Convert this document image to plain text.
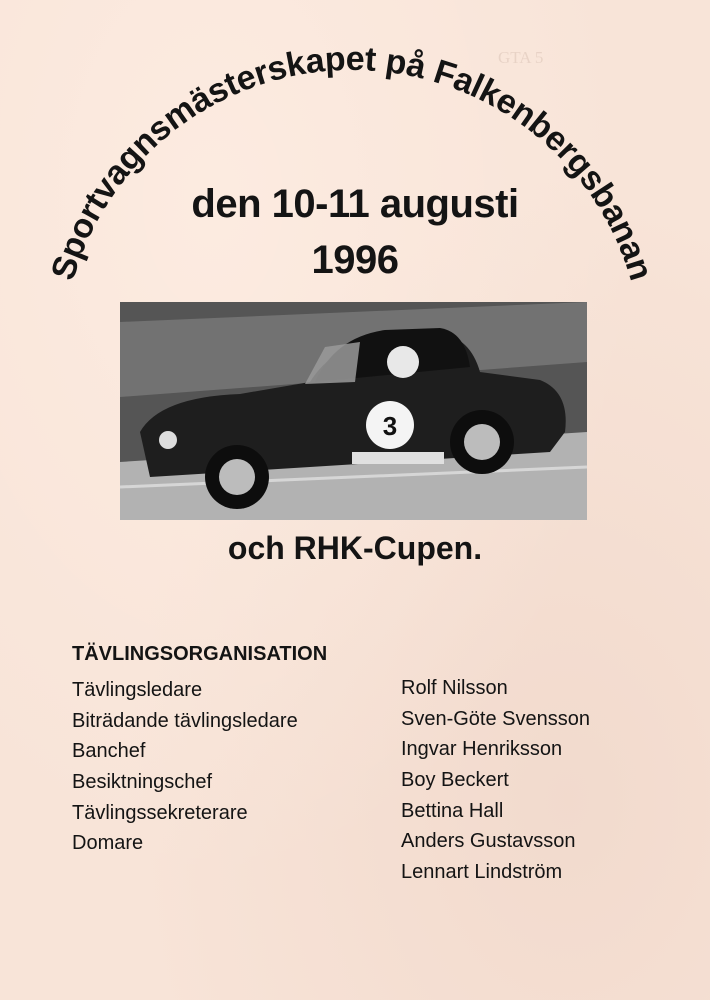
GTA 5
Sportvagnsmästerskapet på Falkenbergsbanan
den 10-11 augusti
1996
3
och RHK-Cupen.
TÄVLINGSORGANISATION
Tävlingsledare
Biträdande tävlingsledare
Banchef
Besiktningschef
Tävlingssekreterare
Domare
Rolf Nilsson
Sven-Göte Svensson
Ingvar Henriksson
Boy Beckert
Bettina Hall
Anders Gustavsson
Lennart Lindström
